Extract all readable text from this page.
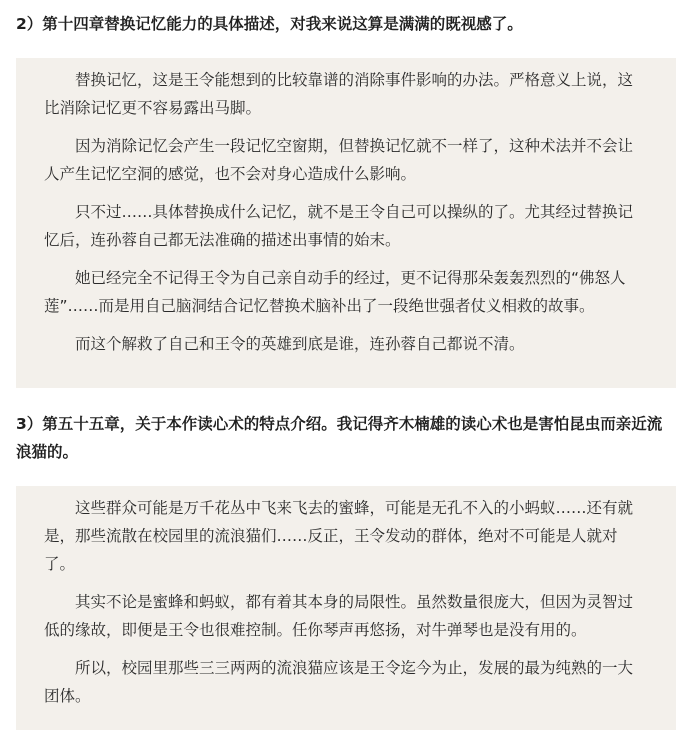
2）第十四章替换记忆能力的具体描述，对我来说这算是满满的既视感了。

替换记忆，这是王令能想到的比较靠谱的消除事件影响的办法。严格意义上说，这比消除记忆更不容易露出马脚。

因为消除记忆会产生一段记忆空窗期，但替换记忆就不一样了，这种术法并不会让人产生记忆空洞的感觉，也不会对身心造成什么影响。

只不过……具体替换成什么记忆，就不是王令自己可以操纵的了。尤其经过替换记忆后，连孙蓉自己都无法准确的描述出事情的始末。

她已经完全不记得王令为自己亲自动手的经过，更不记得那朵轰轰烈烈的“佛怒人莲”……而是用自己脑洞结合记忆替换术脑补出了一段绝世强者仗义相救的故事。

而这个解救了自己和王令的英雄到底是谁，连孙蓉自己都说不清。

3）第五十五章，关于本作读心术的特点介绍。我记得齐木楠雄的读心术也是害怕昆虫而亲近流浪猫的。

这些群众可能是万千花丛中飞来飞去的蜜蜂，可能是无孔不入的小蚂蚁……还有就是，那些流散在校园里的流浪猫们……反正，王令发动的群体，绝对不可能是人就对了。

其实不论是蜜蜂和蚂蚁，都有着其本身的局限性。虽然数量很庞大，但因为灵智过低的缘故，即便是王令也很难控制。任你琴声再悠扬，对牛弹琴也是没有用的。

所以，校园里那些三三两两的流浪猫应该是王令迄今为止，发展的最为纯熟的一大团体。
